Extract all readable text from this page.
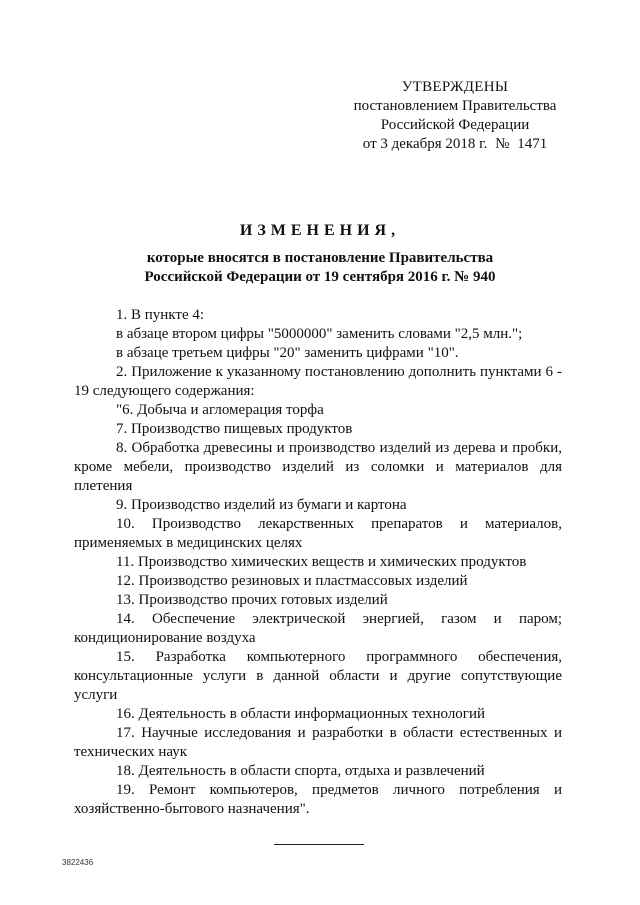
УТВЕРЖДЕНЫ
постановлением Правительства
Российской Федерации
от 3 декабря 2018 г. № 1471
ИЗМЕНЕНИЯ,
которые вносятся в постановление Правительства
Российской Федерации от 19 сентября 2016 г. № 940

1. В пункте 4:

в абзаце втором цифры "5000000" заменить словами "2,5 млн.";

в абзаце третьем цифры "20" заменить цифрами "10".

2. Приложение к указанному постановлению дополнить пунктами 6 - 19 следующего содержания:

"6. Добыча и агломерация торфа

7. Производство пищевых продуктов

8. Обработка древесины и производство изделий из дерева и пробки, кроме мебели, производство изделий из соломки и материалов для плетения

9. Производство изделий из бумаги и картона

10. Производство лекарственных препаратов и материалов, применяемых в медицинских целях

11. Производство химических веществ и химических продуктов

12. Производство резиновых и пластмассовых изделий

13. Производство прочих готовых изделий

14. Обеспечение электрической энергией, газом и паром; кондиционирование воздуха

15. Разработка компьютерного программного обеспечения, консультационные услуги в данной области и другие сопутствующие услуги

16. Деятельность в области информационных технологий

17. Научные исследования и разработки в области естественных и технических наук

18. Деятельность в области спорта, отдыха и развлечений

19. Ремонт компьютеров, предметов личного потребления и хозяйственно-бытового назначения".

3822436
